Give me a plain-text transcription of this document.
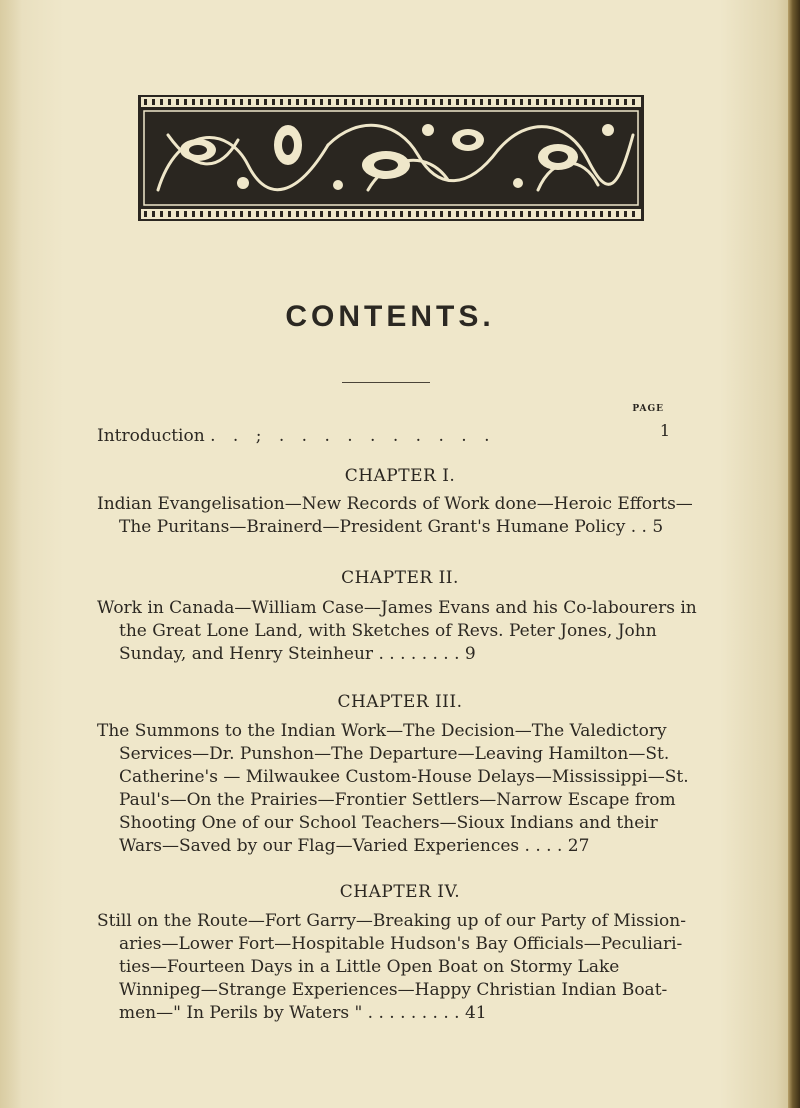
CONTENTS.
PAGE
Introduction . . ; . . . . . . . . . .	1
CHAPTER I.
Indian Evangelisation—New Records of Work done—Heroic Efforts—
The Puritans—Brainerd—President Grant's Humane Policy . . 5
CHAPTER II.
Work in Canada—William Case—James Evans and his Co-labourers in
the Great Lone Land, with Sketches of Revs. Peter Jones, John
Sunday, and Henry Steinheur . . . . . . . . 9
CHAPTER III.
The Summons to the Indian Work—The Decision—The Valedictory
Services—Dr. Punshon—The Departure—Leaving Hamilton—St.
Catherine's — Milwaukee Custom-House Delays—Mississippi—St.
Paul's—On the Prairies—Frontier Settlers—Narrow Escape from
Shooting One of our School Teachers—Sioux Indians and their
Wars—Saved by our Flag—Varied Experiences . . . . 27
CHAPTER IV.
Still on the Route—Fort Garry—Breaking up of our Party of Mission-
aries—Lower Fort—Hospitable Hudson's Bay Officials—Peculiari-
ties—Fourteen Days in a Little Open Boat on Stormy Lake
Winnipeg—Strange Experiences—Happy Christian Indian Boat-
men—" In Perils by Waters " . . . . . . . . . 41
